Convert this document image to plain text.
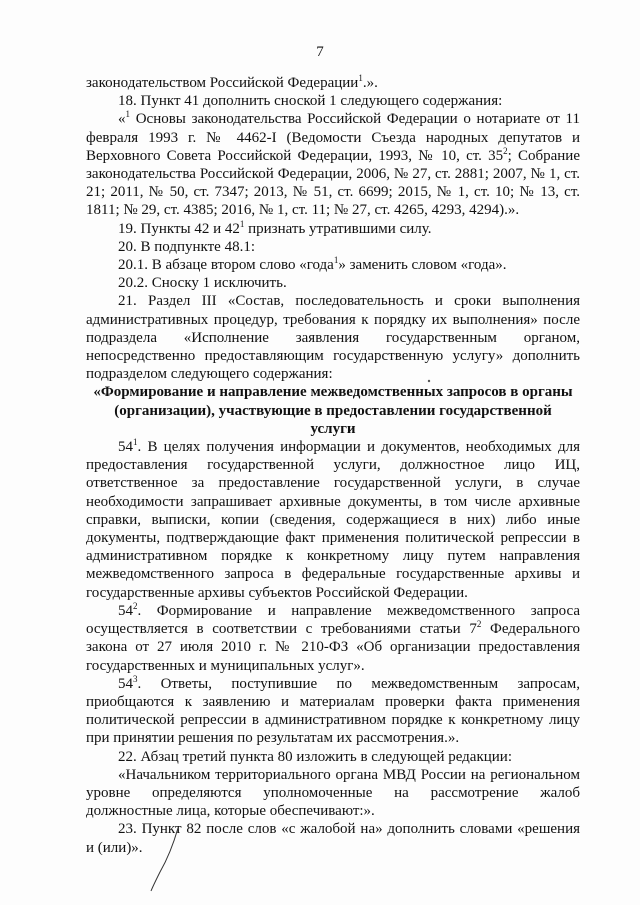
7

законодательством Российской Федерации$^1$.».

18. Пункт 41 дополнить сноской 1 следующего содержания:

«$^1$ Основы законодательства Российской Федерации о нотариате от 11 февраля 1993 г. № 4462-I (Ведомости Съезда народных депутатов и Верховного Совета Российской Федерации, 1993, № 10, ст. $35^2$; Собрание законодательства Российской Федерации, 2006, № 27, ст. 2881; 2007, № 1, ст. 21; 2011, № 50, ст. 7347; 2013, № 51, ст. 6699; 2015, № 1, ст. 10; № 13, ст. 1811; № 29, ст. 4385; 2016, № 1, ст. 11; № 27, ст. 4265, 4293, 4294).».

19. Пункты 42 и $42^1$ признать утратившими силу.

20. В подпункте 48.1:

20.1. В абзаце втором слово «года$^1$» заменить словом «года».

20.2. Сноску 1 исключить.

21. Раздел III «Состав, последовательность и сроки выполнения административных процедур, требования к порядку их выполнения» после подраздела «Исполнение заявления государственным органом, непосредственно предоставляющим государственную услугу» дополнить подразделом следующего содержания:

«Формирование и направление межведомственных запросов в органы (организации), участвующие в предоставлении государственной услуги

$54^1$. В целях получения информации и документов, необходимых для предоставления государственной услуги, должностное лицо ИЦ, ответственное за предоставление государственной услуги, в случае необходимости запрашивает архивные документы, в том числе архивные справки, выписки, копии (сведения, содержащиеся в них) либо иные документы, подтверждающие факт применения политической репрессии в административном порядке к конкретному лицу путем направления межведомственного запроса в федеральные государственные архивы и государственные архивы субъектов Российской Федерации.

$54^2$. Формирование и направление межведомственного запроса осуществляется в соответствии с требованиями статьи $7^2$ Федерального закона от 27 июля 2010 г. № 210-ФЗ «Об организации предоставления государственных и муниципальных услуг».

$54^3$. Ответы, поступившие по межведомственным запросам, приобщаются к заявлению и материалам проверки факта применения политической репрессии в административном порядке к конкретному лицу при принятии решения по результатам их рассмотрения.».

22. Абзац третий пункта 80 изложить в следующей редакции:

«Начальником территориального органа МВД России на региональном уровне определяются уполномоченные на рассмотрение жалоб должностные лица, которые обеспечивают:».

23. Пункт 82 после слов «с жалобой на» дополнить словами «решения и (или)».
